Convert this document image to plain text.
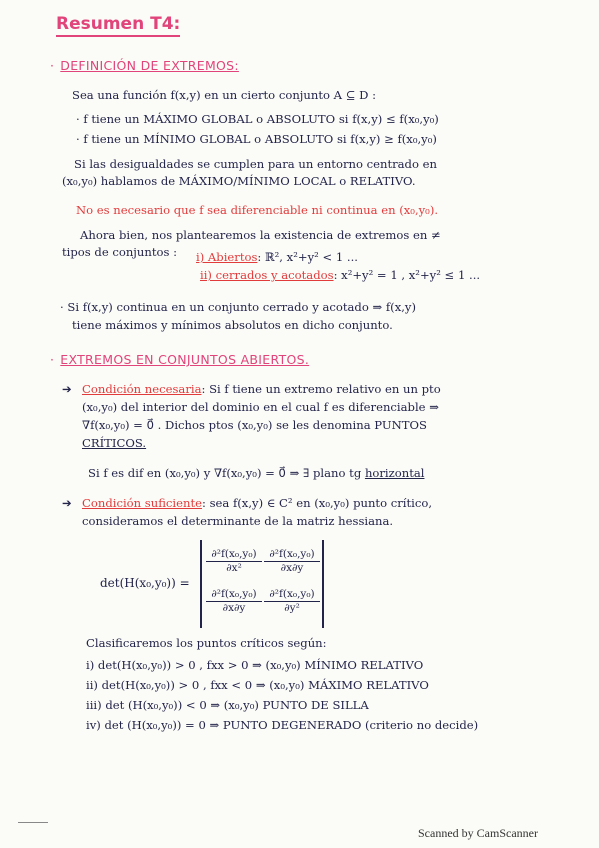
Resumen T4:
· DEFINICIÓN DE EXTREMOS:
Sea una función f(x,y) en un cierto conjunto A ⊆ D :
· f tiene un MÁXIMO GLOBAL o ABSOLUTO si f(x,y) ≤ f(x₀,y₀)
· f tiene un MÍNIMO GLOBAL o ABSOLUTO si f(x,y) ≥ f(x₀,y₀)
Si las desigualdades se cumplen para un entorno centrado en
(x₀,y₀) hablamos de MÁXIMO/MÍNIMO LOCAL o RELATIVO.
No es necesario que f sea diferenciable ni continua en (x₀,y₀).
Ahora bien, nos plantearemos la existencia de extremos en ≠
tipos de conjuntos :	i) Abiertos: ℝ², x²+y² < 1 ...
ii) cerrados y acotados: x²+y² = 1 , x²+y² ≤ 1 ...
· Si f(x,y) continua en un conjunto cerrado y acotado ⇒ f(x,y)
tiene máximos y mínimos absolutos en dicho conjunto.
· EXTREMOS EN CONJUNTOS ABIERTOS.
➔ Condición necesaria: Si f tiene un extremo relativo en un pto
(x₀,y₀) del interior del dominio en el cual f es diferenciable ⇒
∇f(x₀,y₀) = 0⃗ . Dichos ptos (x₀,y₀) se les denomina PUNTOS
CRÍTICOS.
Si f es dif en (x₀,y₀) y ∇f(x₀,y₀) = 0⃗ ⇒ ∃ plano tg horizontal
➔ Condición suficiente: sea f(x,y) ∈ C² en (x₀,y₀) punto crítico,
consideramos el determinante de la matriz hessiana.
det(H(x₀,y₀)) =
$\frac{\text{∂²f(x₀,y₀)}}{\text{∂x²}} \frac{\text{∂²f(x₀,y₀)}}{\partial x\partial y}$
$\frac{\text{∂²f(x₀,y₀)}}{\partial x\partial y} \frac{\text{∂²f(x₀,y₀)}}{\text{∂y²}}$
Clasificaremos los puntos críticos según:
i) det(H(x₀,y₀)) > 0 , fxx > 0 ⇒ (x₀,y₀) MÍNIMO RELATIVO
ii) det(H(x₀,y₀)) > 0 , fxx < 0 ⇒ (x₀,y₀) MÁXIMO RELATIVO
iii) det (H(x₀,y₀)) < 0 ⇒ (x₀,y₀) PUNTO DE SILLA
iv) det (H(x₀,y₀)) = 0 ⇒ PUNTO DEGENERADO (criterio no decide)
Scanned by CamScanner
